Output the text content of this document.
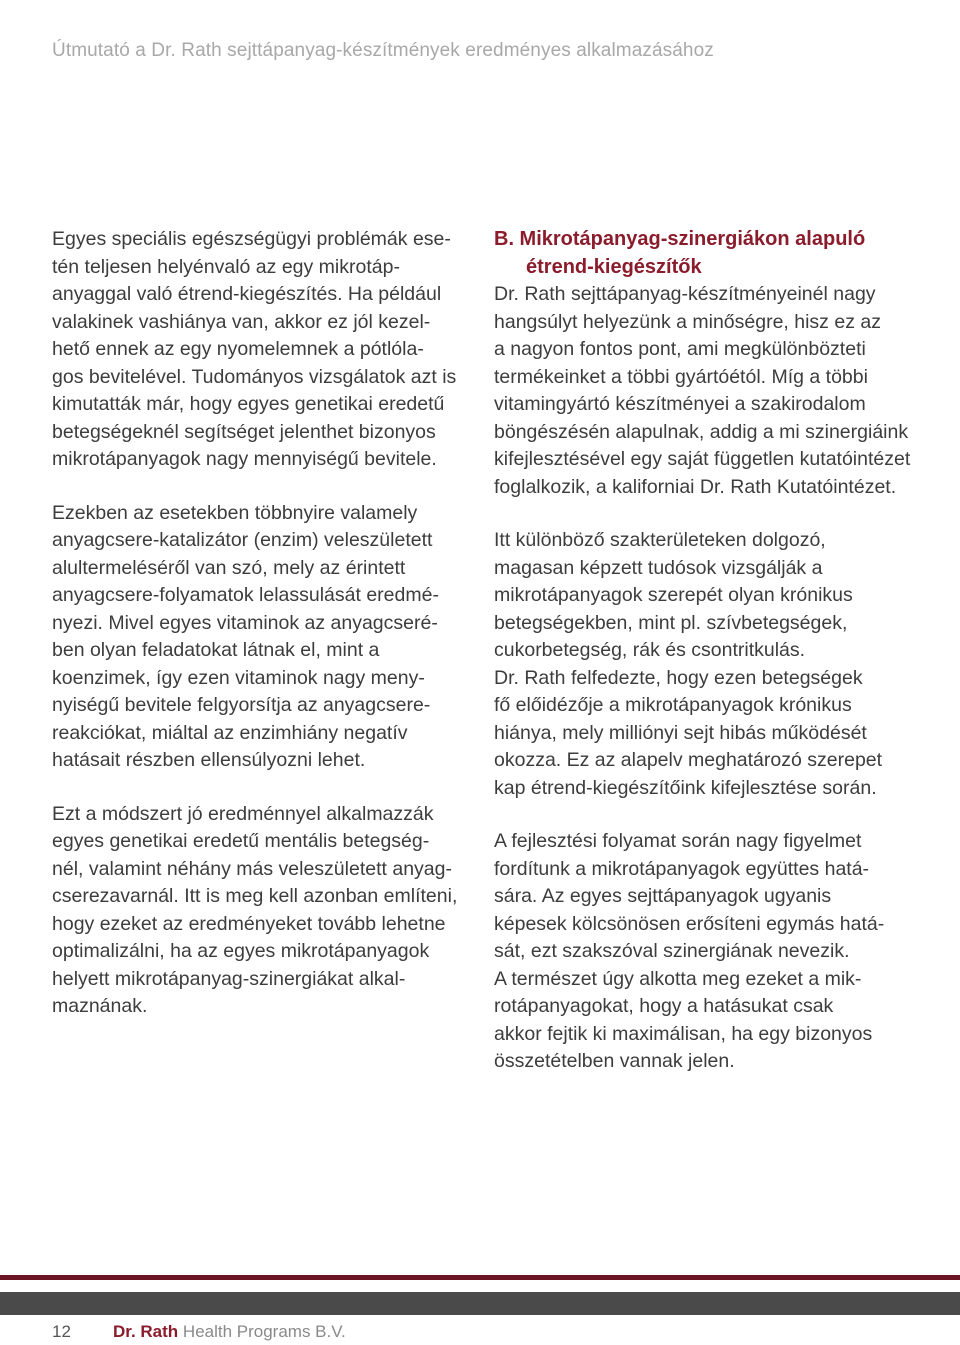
Útmutató a Dr. Rath sejttápanyag-készítmények eredményes alkalmazásához

Egyes speciális egészségügyi problémák ese-
tén teljesen helyénvaló az egy mikrotáp-
anyaggal való étrend-kiegészítés. Ha például
valakinek vashiánya van, akkor ez jól kezel-
hető ennek az egy nyomelemnek a pótlóla-
gos bevitelével. Tudományos vizsgálatok azt is
kimutatták már, hogy egyes genetikai eredetű
betegségeknél segítséget jelenthet bizonyos
mikrotápanyagok nagy mennyiségű bevitele.

Ezekben az esetekben többnyire valamely
anyagcsere-katalizátor (enzim) veleszületett
alultermeléséről van szó, mely az érintett
anyagcsere-folyamatok lelassulását eredmé-
nyezi. Mivel egyes vitaminok az anyagcseré-
ben olyan feladatokat látnak el, mint a
koenzimek, így ezen vitaminok nagy meny-
nyiségű bevitele felgyorsítja az anyagcsere-
reakciókat, miáltal az enzimhiány negatív
hatásait részben ellensúlyozni lehet.

Ezt a módszert jó eredménnyel alkalmazzák
egyes genetikai eredetű mentális betegség-
nél, valamint néhány más veleszületett anyag-
cserezavarnál. Itt is meg kell azonban említeni,
hogy ezeket az eredményeket tovább lehetne
optimalizálni, ha az egyes mikrotápanyagok
helyett mikrotápanyag-szinergiákat alkal-
maznának.

B. Mikrotápanyag-szinergiákon alapuló
étrend-kiegészítők

Dr. Rath sejttápanyag-készítményeinél nagy
hangsúlyt helyezünk a minőségre, hisz ez az
a nagyon fontos pont, ami megkülönbözteti
termékeinket a többi gyártóétól. Míg a többi
vitamingyártó készítményei a szakirodalom
böngészésén alapulnak, addig a mi szinergiáink
kifejlesztésével egy saját független kutatóintézet
foglalkozik, a kaliforniai Dr. Rath Kutatóintézet.

Itt különböző szakterületeken dolgozó,
magasan képzett tudósok vizsgálják a
mikrotápanyagok szerepét olyan krónikus
betegségekben, mint pl. szívbetegségek,
cukorbetegség, rák és csontritkulás.
Dr. Rath felfedezte, hogy ezen betegségek
fő előidézője a mikrotápanyagok krónikus
hiánya, mely milliónyi sejt hibás működését
okozza. Ez az alapelv meghatározó szerepet
kap étrend-kiegészítőink kifejlesztése során.

A fejlesztési folyamat során nagy figyelmet
fordítunk a mikrotápanyagok együttes hatá-
sára. Az egyes sejttápanyagok ugyanis
képesek kölcsönösen erősíteni egymás hatá-
sát, ezt szakszóval szinergiának nevezik.
A természet úgy alkotta meg ezeket a mik-
rotápanyagokat, hogy a hatásukat csak
akkor fejtik ki maximálisan, ha egy bizonyos
összetételben vannak jelen.

12 Dr. Rath Health Programs B.V.
